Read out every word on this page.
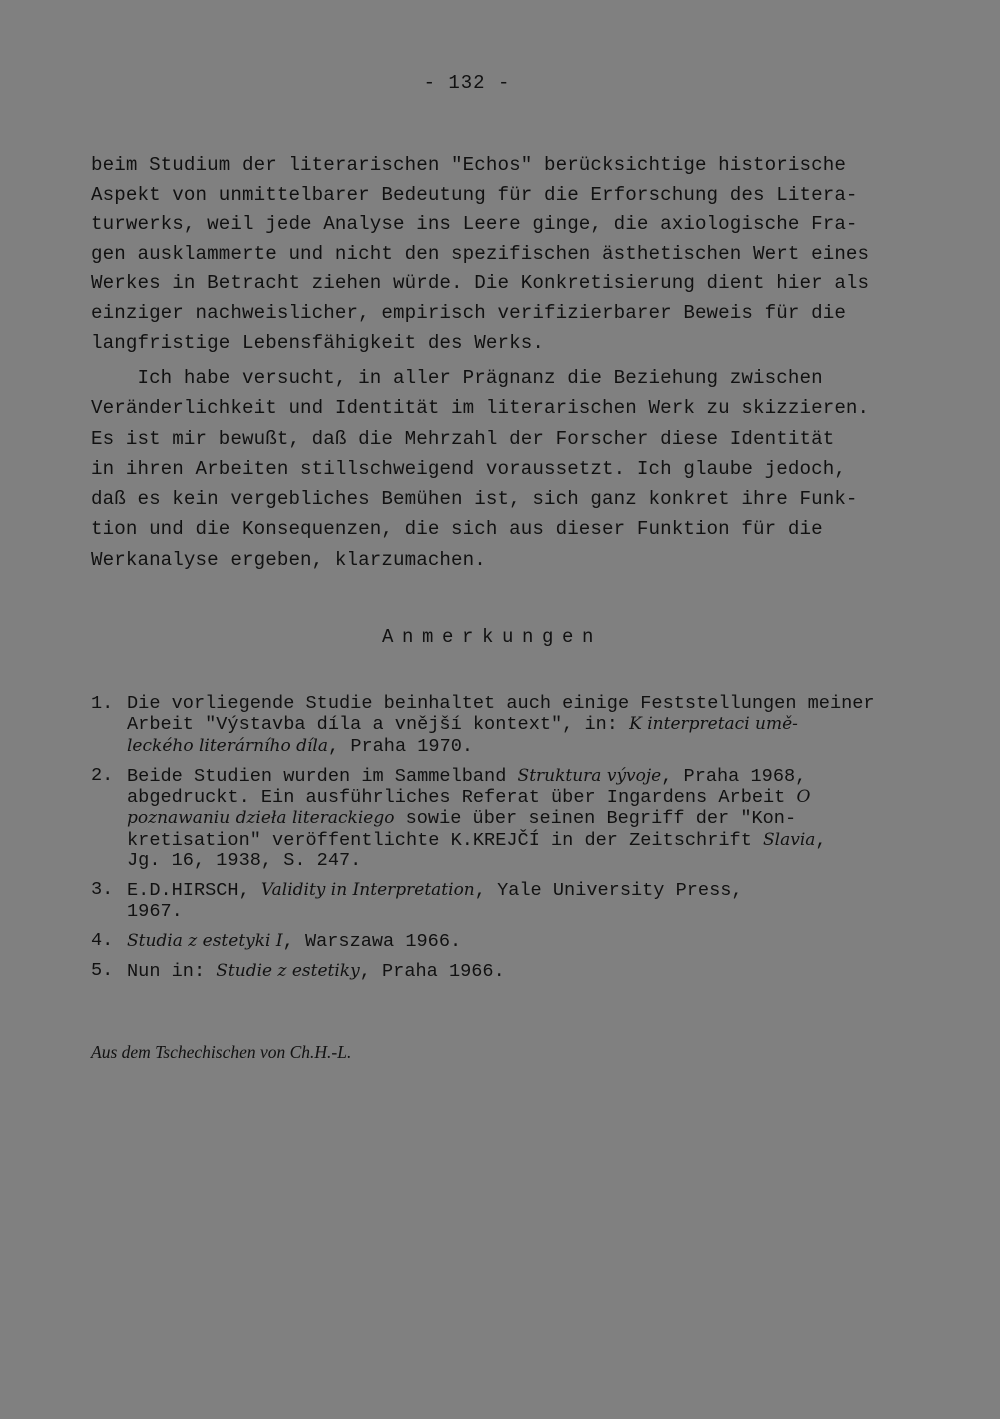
- 132 -
beim Studium der literarischen "Echos" berücksichtige historische
Aspekt von unmittelbarer Bedeutung für die Erforschung des Litera-
turwerks, weil jede Analyse ins Leere ginge, die axiologische Fra-
gen ausklammerte und nicht den spezifischen ästhetischen Wert eines
Werkes in Betracht ziehen würde. Die Konkretisierung dient hier als
einziger nachweislicher, empirisch verifizierbarer Beweis für die
langfristige Lebensfähigkeit des Werks.
Ich habe versucht, in aller Prägnanz die Beziehung zwischen
Veränderlichkeit und Identität im literarischen Werk zu skizzieren.
Es ist mir bewußt, daß die Mehrzahl der Forscher diese Identität
in ihren Arbeiten stillschweigend voraussetzt. Ich glaube jedoch,
daß es kein vergebliches Bemühen ist, sich ganz konkret ihre Funk-
tion und die Konsequenzen, die sich aus dieser Funktion für die
Werkanalyse ergeben, klarzumachen.
Anmerkungen
1. Die vorliegende Studie beinhaltet auch einige Feststellungen meiner
Arbeit "Výstavba díla a vnější kontext", in: K interpretaci umě-
leckého literárního díla, Praha 1970.
2. Beide Studien wurden im Sammelband Struktura vývoje, Praha 1968,
abgedruckt. Ein ausführliches Referat über Ingardens Arbeit O
poznawaniu dzieła literackiego sowie über seinen Begriff der "Kon-
kretisation" veröffentlichte K.KREJČÍ in der Zeitschrift Slavia,
Jg. 16, 1938, S. 247.
3. E.D.HIRSCH, Validity in Interpretation, Yale University Press,
1967.
4. Studia z estetyki I, Warszawa 1966.
5. Nun in: Studie z estetiky, Praha 1966.
Aus dem Tschechischen von Ch.H.-L.
